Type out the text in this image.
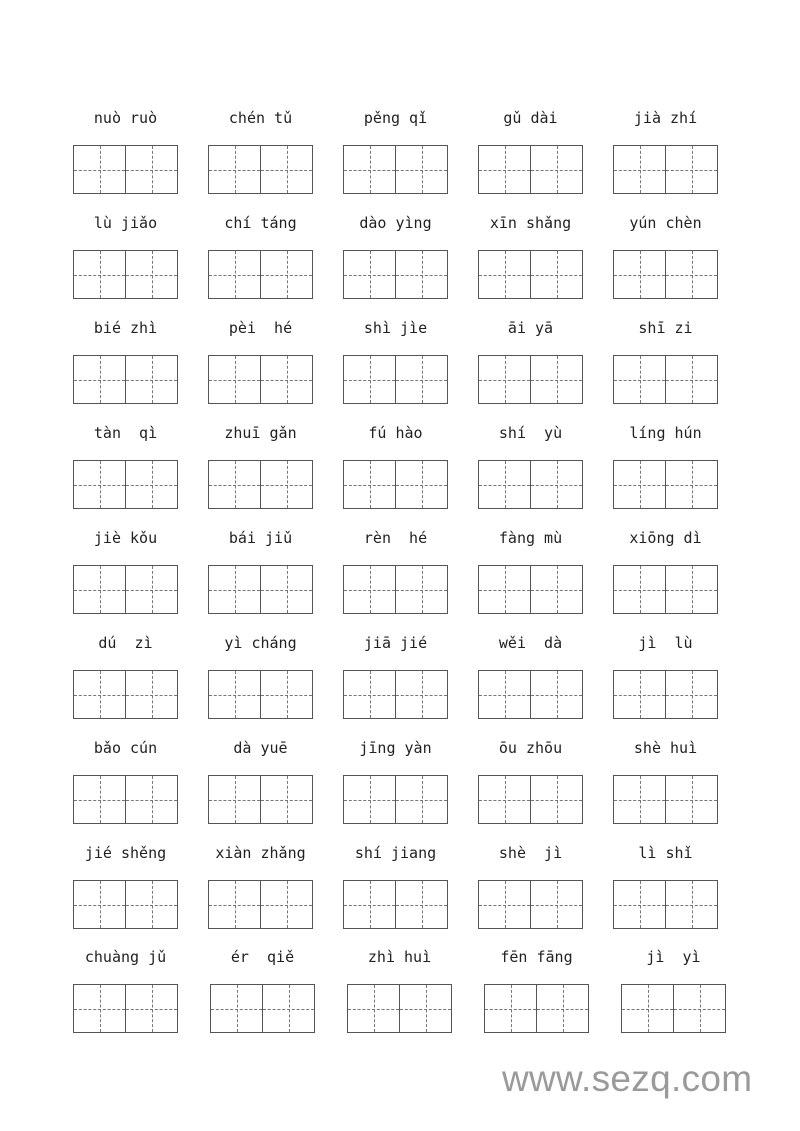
nuò ruò	chén tǔ	pěng qǐ	gǔ dài	jià zhí
lù jiǎo	chí táng	dào yìng	xīn shǎng	yún chèn
bié zhì	pèi  hé	shì jìe	āi yā	shī zi
tàn  qì	zhuī gǎn	fú hào	shí  yù	líng hún
jiè kǒu	bái jiǔ	rèn  hé	fàng mù	xiōng dì
dú  zì	yì cháng	jiā jié	wěi  dà	jì  lù
bǎo cún	dà yuē	jīng yàn	ōu zhōu	shè huì
jié shěng	xiàn zhǎng	shí jiang	shè  jì	lì shǐ
chuàng jǔ	ér  qiě	zhì huì	fēn fāng	jì  yì
www.sezq.com
